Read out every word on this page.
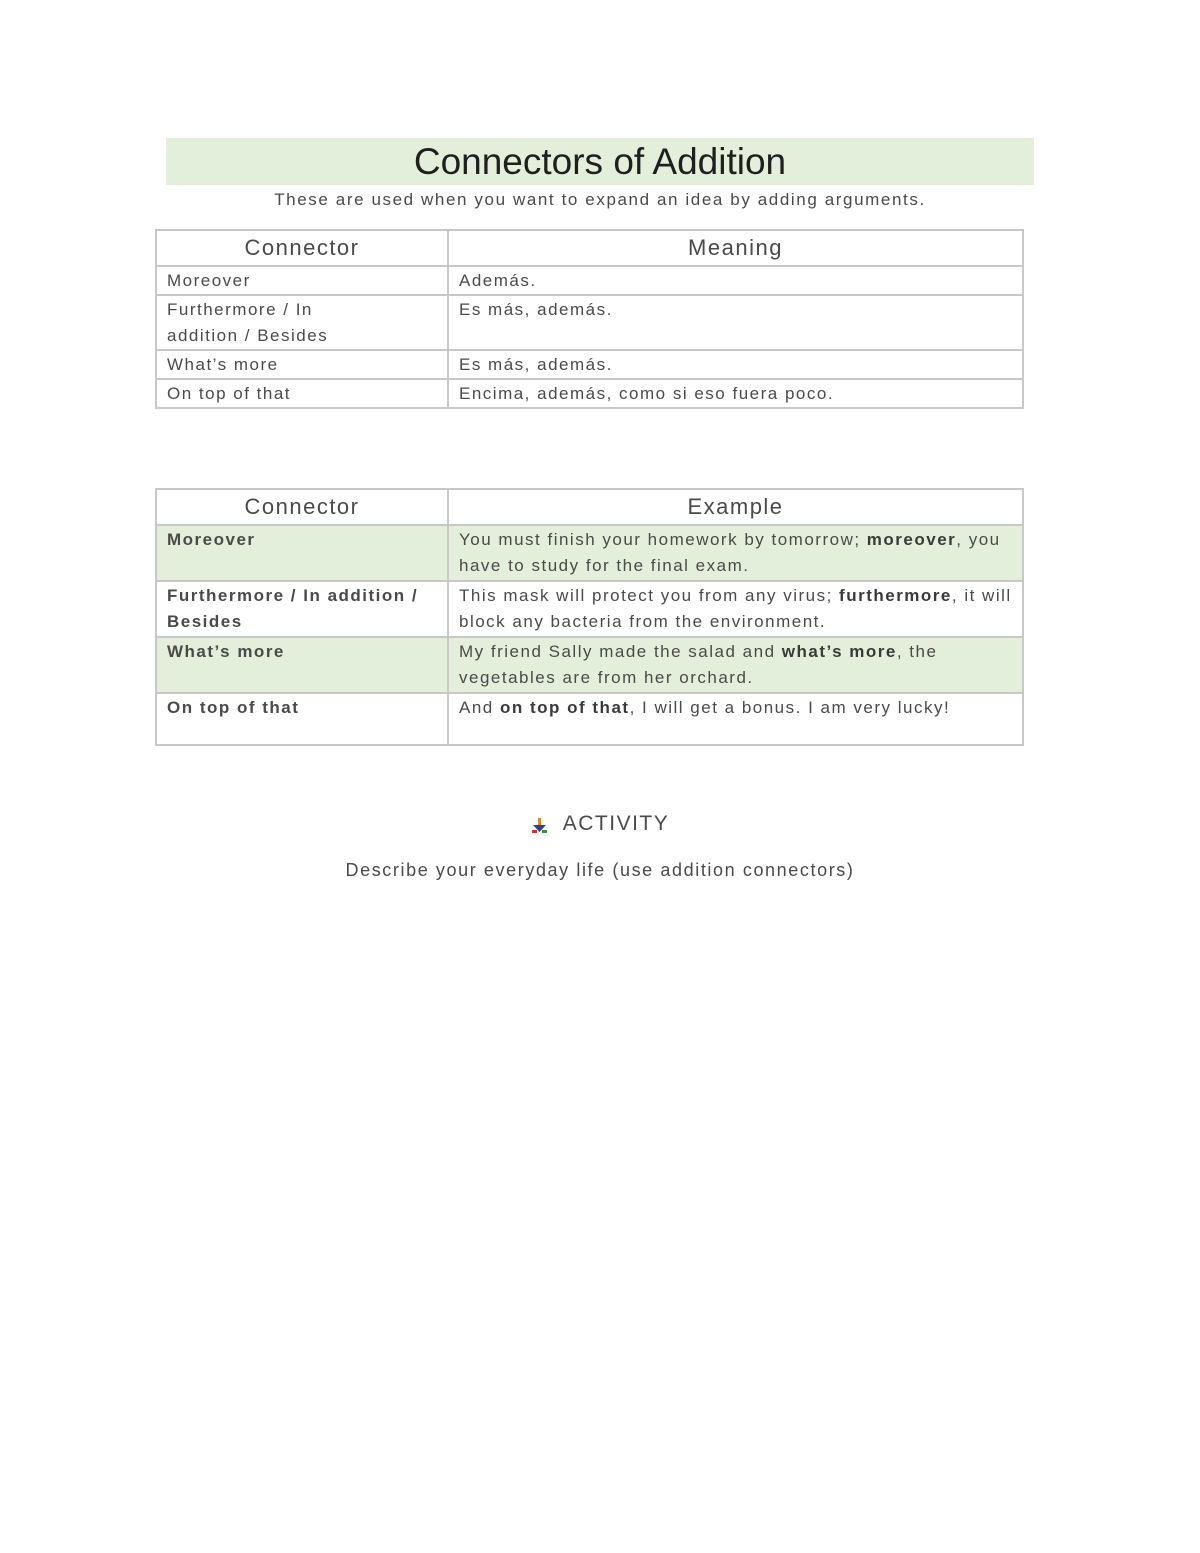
Connectors of Addition
These are used when you want to expand an idea by adding arguments.
Connector	Meaning
Moreover	Además.
Furthermore / In addition / Besides	Es más, además.
What’s more	Es más, además.
On top of that	Encima, además, como si eso fuera poco.
Connector	Example
Moreover	You must finish your homework by tomorrow; moreover, you have to study for the final exam.
Furthermore / In addition / Besides	This mask will protect you from any virus; furthermore, it will block any bacteria from the environment.
What’s more	My friend Sally made the salad and what’s more, the vegetables are from her orchard.
On top of that	And on top of that, I will get a bonus. I am very lucky!
ACTIVITY
Describe your everyday life (use addition connectors)
